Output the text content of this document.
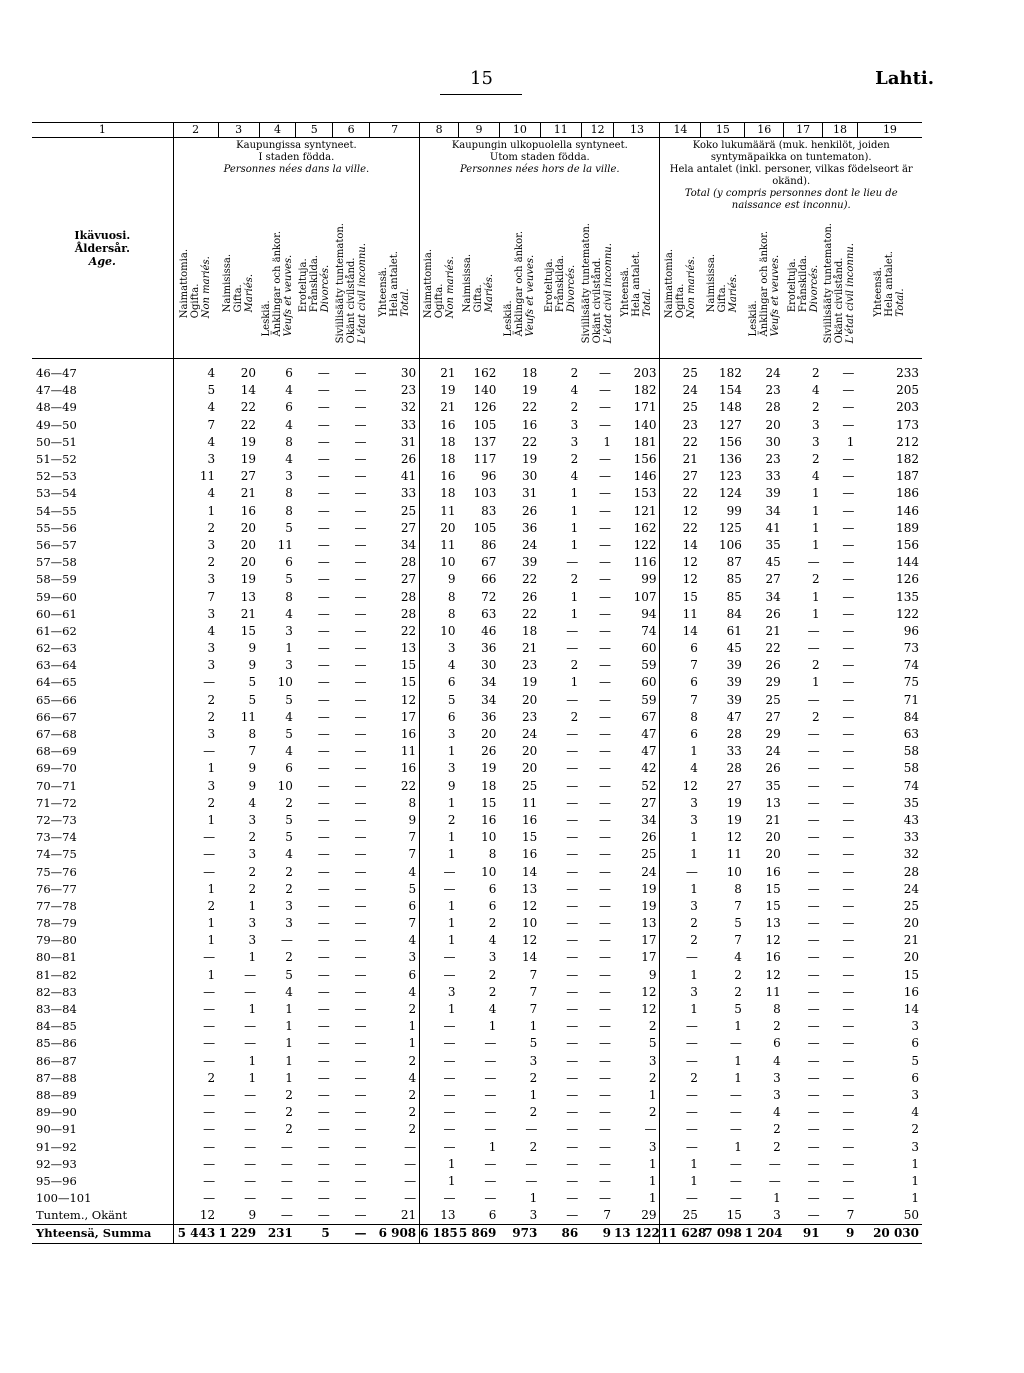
15	Lahti.
1	2	3	4	5	6	7	8	9	10	11	12	13	14	15	16	17	18	19

Ikävuosi.
Åldersår.
Age.	Kaupungissa syntyneet.
I staden födda.
Personnes nées dans la ville.						Kaupungin ulkopuolella syntyneet.
Utom staden födda.
Personnes nées hors de la ville.						Koko lukumäärä (muk. henkilöt, joiden syntymäpaikka on tuntematon).
Hela antalet (inkl. personer, vilkas födelseort är okänd).
Total (y compris personnes dont le lieu de naissance est inconnu).					

	Naimattomia. Ogifta. Non mariés.	Naimisissa. Gifta. Mariés.	Leskiä. Änklingar och änkor. Veufs et veuves.	Eroteltuja. Frånskilda. Divorcés.	Siviilisääty tuntematon. Okänt civilstånd. L'état civil inconnu.	Yhteensä. Hela antalet. Total.	Naimattomia. Ogifta. Non mariés.	Naimisissa. Gifta. Mariés.	Leskiä. Änklingar och änkor. Veufs et veuves.	Eroteltuja. Frånskilda. Divorcés.	Siviilisääty tuntematon. Okänt civilstånd. L'état civil inconnu.	Yhteensä. Hela antalet. Total.	Naimattomia. Ogifta. Non mariés.	Naimisissa. Gifta. Mariés.	Leskiä. Änklingar och änkor. Veufs et veuves.	Eroteltuja. Frånskilda. Divorcés.	Siviilisääty tuntematon. Okänt civilstånd. L'état civil inconnu.	Yhteensä. Hela antalet. Total.

46—47	4	20	6	—	—	30	21	162	18	2	—	203	25	182	24	2	—	233
47—48	5	14	4	—	—	23	19	140	19	4	—	182	24	154	23	4	—	205
48—49	4	22	6	—	—	32	21	126	22	2	—	171	25	148	28	2	—	203
49—50	7	22	4	—	—	33	16	105	16	3	—	140	23	127	20	3	—	173
50—51	4	19	8	—	—	31	18	137	22	3	1	181	22	156	30	3	1	212
51—52	3	19	4	—	—	26	18	117	19	2	—	156	21	136	23	2	—	182
52—53	11	27	3	—	—	41	16	96	30	4	—	146	27	123	33	4	—	187
53—54	4	21	8	—	—	33	18	103	31	1	—	153	22	124	39	1	—	186
54—55	1	16	8	—	—	25	11	83	26	1	—	121	12	99	34	1	—	146
55—56	2	20	5	—	—	27	20	105	36	1	—	162	22	125	41	1	—	189
56—57	3	20	11	—	—	34	11	86	24	1	—	122	14	106	35	1	—	156
57—58	2	20	6	—	—	28	10	67	39	—	—	116	12	87	45	—	—	144
58—59	3	19	5	—	—	27	9	66	22	2	—	99	12	85	27	2	—	126
59—60	7	13	8	—	—	28	8	72	26	1	—	107	15	85	34	1	—	135
60—61	3	21	4	—	—	28	8	63	22	1	—	94	11	84	26	1	—	122
61—62	4	15	3	—	—	22	10	46	18	—	—	74	14	61	21	—	—	96
62—63	3	9	1	—	—	13	3	36	21	—	—	60	6	45	22	—	—	73
63—64	3	9	3	—	—	15	4	30	23	2	—	59	7	39	26	2	—	74
64—65	—	5	10	—	—	15	6	34	19	1	—	60	6	39	29	1	—	75
65—66	2	5	5	—	—	12	5	34	20	—	—	59	7	39	25	—	—	71
66—67	2	11	4	—	—	17	6	36	23	2	—	67	8	47	27	2	—	84
67—68	3	8	5	—	—	16	3	20	24	—	—	47	6	28	29	—	—	63
68—69	—	7	4	—	—	11	1	26	20	—	—	47	1	33	24	—	—	58
69—70	1	9	6	—	—	16	3	19	20	—	—	42	4	28	26	—	—	58
70—71	3	9	10	—	—	22	9	18	25	—	—	52	12	27	35	—	—	74
71—72	2	4	2	—	—	8	1	15	11	—	—	27	3	19	13	—	—	35
72—73	1	3	5	—	—	9	2	16	16	—	—	34	3	19	21	—	—	43
73—74	—	2	5	—	—	7	1	10	15	—	—	26	1	12	20	—	—	33
74—75	—	3	4	—	—	7	1	8	16	—	—	25	1	11	20	—	—	32
75—76	—	2	2	—	—	4	—	10	14	—	—	24	—	10	16	—	—	28
76—77	1	2	2	—	—	5	—	6	13	—	—	19	1	8	15	—	—	24
77—78	2	1	3	—	—	6	1	6	12	—	—	19	3	7	15	—	—	25
78—79	1	3	3	—	—	7	1	2	10	—	—	13	2	5	13	—	—	20
79—80	1	3	—	—	—	4	1	4	12	—	—	17	2	7	12	—	—	21
80—81	—	1	2	—	—	3	—	3	14	—	—	17	—	4	16	—	—	20
81—82	1	—	5	—	—	6	—	2	7	—	—	9	1	2	12	—	—	15
82—83	—	—	4	—	—	4	3	2	7	—	—	12	3	2	11	—	—	16
83—84	—	1	1	—	—	2	1	4	7	—	—	12	1	5	8	—	—	14
84—85	—	—	1	—	—	1	—	1	1	—	—	2	—	1	2	—	—	3
85—86	—	—	1	—	—	1	—	—	5	—	—	5	—	—	6	—	—	6
86—87	—	1	1	—	—	2	—	—	3	—	—	3	—	1	4	—	—	5
87—88	2	1	1	—	—	4	—	—	2	—	—	2	2	1	3	—	—	6
88—89	—	—	2	—	—	2	—	—	1	—	—	1	—	—	3	—	—	3
89—90	—	—	2	—	—	2	—	—	2	—	—	2	—	—	4	—	—	4
90—91	—	—	2	—	—	2	—	—	—	—	—	—	—	—	2	—	—	2
91—92	—	—	—	—	—	—	—	1	2	—	—	3	—	1	2	—	—	3
92—93	—	—	—	—	—	—	1	—	—	—	—	1	1	—	—	—	—	1
95—96	—	—	—	—	—	—	1	—	—	—	—	1	1	—	—	—	—	1
100—101	—	—	—	—	—	—	—	—	1	—	—	1	—	—	1	—	—	1
Tuntem., Okänt	12	9	—	—	—	21	13	6	3	—	7	29	25	15	3	—	7	50
Yhteensä, Summa	5 443	1 229	231	5	—	6 908	6 185	5 869	973	86	9	13 122	11 628	7 098	1 204	91	9	20 030
